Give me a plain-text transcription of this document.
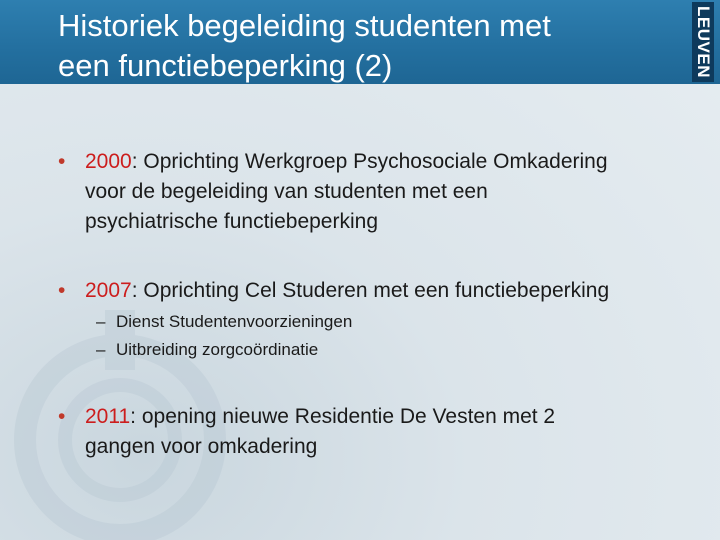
Historiek begeleiding studenten met
een functiebeperking (2)	LEUVEN
• 2000: Oprichting Werkgroep Psychosociale Omkadering
voor de begeleiding van studenten met een
psychiatrische functiebeperking
• 2007: Oprichting Cel Studeren met een functiebeperking
– Dienst Studentenvoorzieningen
– Uitbreiding zorgcoördinatie
• 2011: opening nieuwe Residentie De Vesten met 2
gangen voor omkadering
